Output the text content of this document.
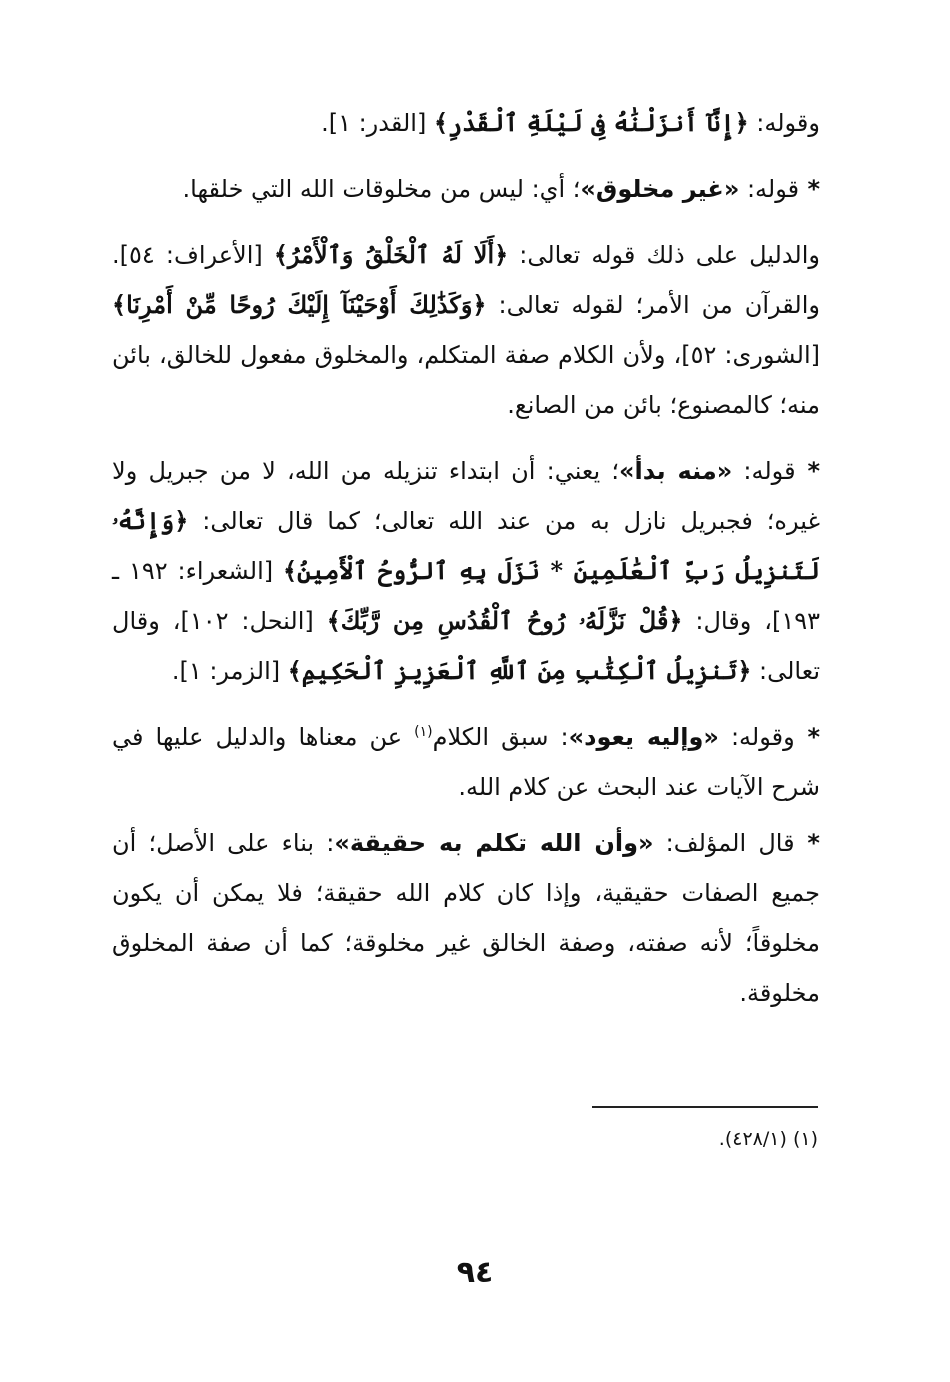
وقوله: ﴿إِنَّآ أَنزَلْنَٰهُ فِى لَيْلَةِ ٱلْقَدْرِ﴾ [القدر: ١].

* قوله: «غير مخلوق»؛ أي: ليس من مخلوقات الله التي خلقها.

والدليل على ذلك قوله تعالى: ﴿أَلَا لَهُ ٱلْخَلْقُ وَٱلْأَمْرُ﴾ [الأعراف: ٥٤]. والقرآن من الأمر؛ لقوله تعالى: ﴿وَكَذَٰلِكَ أَوْحَيْنَآ إِلَيْكَ رُوحًا مِّنْ أَمْرِنَا﴾ [الشورى: ٥٢]، ولأن الكلام صفة المتكلم، والمخلوق مفعول للخالق، بائن منه؛ كالمصنوع؛ بائن من الصانع.

* قوله: «منه بدأ»؛ يعني: أن ابتداء تنزيله من الله، لا من جبريل ولا غيره؛ فجبريل نازل به من عند الله تعالى؛ كما قال تعالى: ﴿وَإِنَّهُۥ لَتَنزِيلُ رَبِّ ٱلْعَٰلَمِينَ * نَزَلَ بِهِ ٱلرُّوحُ ٱلْأَمِينُ﴾ [الشعراء: ١٩٢ ـ ١٩٣]، وقال: ﴿قُلْ نَزَّلَهُۥ رُوحُ ٱلْقُدُسِ مِن رَّبِّكَ﴾ [النحل: ١٠٢]، وقال تعالى: ﴿تَنزِيلُ ٱلْكِتَٰبِ مِنَ ٱللَّهِ ٱلْعَزِيزِ ٱلْحَكِيمِ﴾ [الزمر: ١].

* وقوله: «وإليه يعود»: سبق الكلام$^{(١)}$ عن معناها والدليل عليها في شرح الآيات عند البحث عن كلام الله.

* قال المؤلف: «وأن الله تكلم به حقيقة»: بناء على الأصل؛ أن جميع الصفات حقيقية، وإذا كان كلام الله حقيقة؛ فلا يمكن أن يكون مخلوقاً؛ لأنه صفته، وصفة الخالق غير مخلوقة؛ كما أن صفة المخلوق مخلوقة.

(١) (٤٢٨/١).
٩٤
